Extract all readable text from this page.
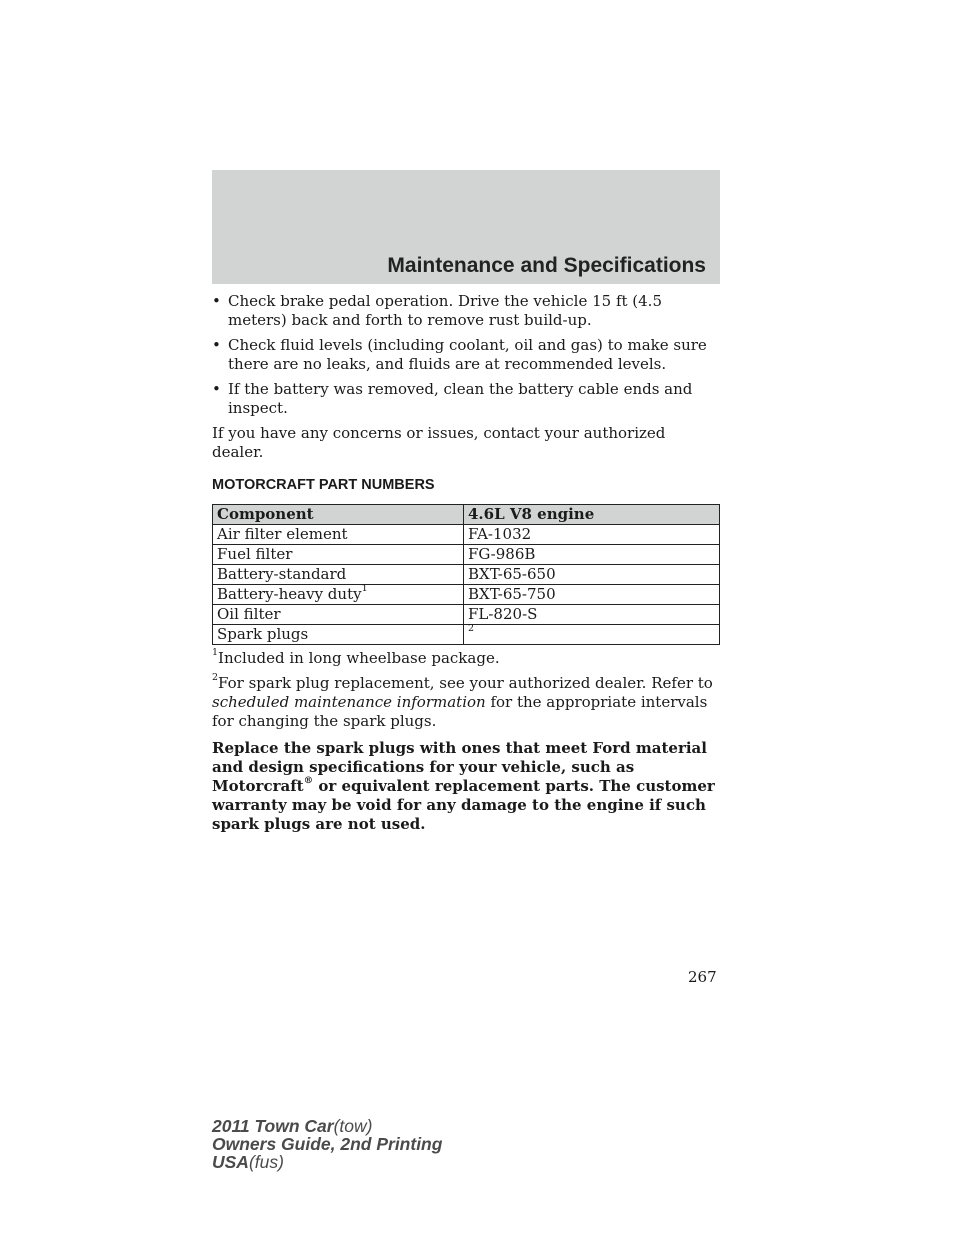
Maintenance and Specifications
• Check brake pedal operation. Drive the vehicle 15 ft (4.5 meters) back and forth to remove rust build-up.
• Check fluid levels (including coolant, oil and gas) to make sure there are no leaks, and fluids are at recommended levels.
• If the battery was removed, clean the battery cable ends and inspect.

If you have any concerns or issues, contact your authorized dealer.

MOTORCRAFT PART NUMBERS
Component	4.6L V8 engine
Air filter element	FA-1032
Fuel filter	FG-986B
Battery-standard	BXT-65-650
Battery-heavy duty$^1$	BXT-65-750
Oil filter	FL-820-S
Spark plugs	$^2$

$^1$Included in long wheelbase package.

$^2$For spark plug replacement, see your authorized dealer. Refer to scheduled maintenance information for the appropriate intervals for changing the spark plugs.

Replace the spark plugs with ones that meet Ford material and design specifications for your vehicle, such as Motorcraft® or equivalent replacement parts. The customer warranty may be void for any damage to the engine if such spark plugs are not used.

267
2011 Town Car(tow)
Owners Guide, 2nd Printing
USA(fus)
